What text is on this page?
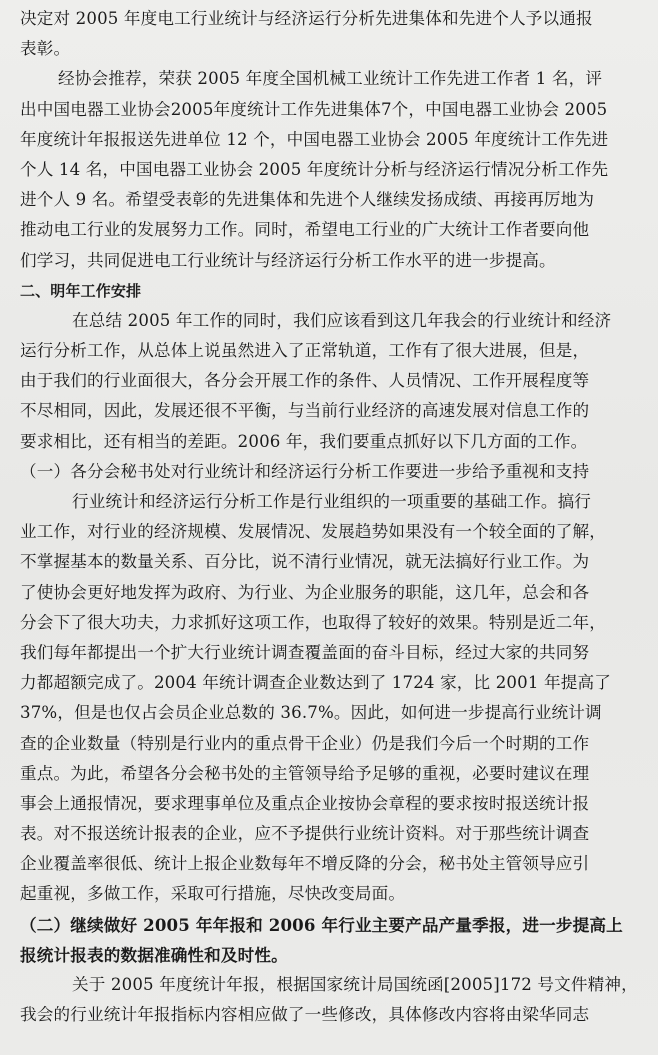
决定对 2005 年度电工行业统计与经济运行分析先进集体和先进个人予以通报
表彰。
经协会推荐，荣获 2005 年度全国机械工业统计工作先进工作者 1 名，评
出中国电器工业协会2005年度统计工作先进集体7个，中国电器工业协会 2005
年度统计年报报送先进单位 12 个，中国电器工业协会 2005 年度统计工作先进
个人 14 名，中国电器工业协会 2005 年度统计分析与经济运行情况分析工作先
进个人 9 名。希望受表彰的先进集体和先进个人继续发扬成绩、再接再厉地为
推动电工行业的发展努力工作。同时，希望电工行业的广大统计工作者要向他
们学习，共同促进电工行业统计与经济运行分析工作水平的进一步提高。
二、明年工作安排
在总结 2005 年工作的同时，我们应该看到这几年我会的行业统计和经济
运行分析工作，从总体上说虽然进入了正常轨道，工作有了很大进展，但是，
由于我们的行业面很大，各分会开展工作的条件、人员情况、工作开展程度等
不尽相同，因此，发展还很不平衡，与当前行业经济的高速发展对信息工作的
要求相比，还有相当的差距。2006 年，我们要重点抓好以下几方面的工作。
（一）各分会秘书处对行业统计和经济运行分析工作要进一步给予重视和支持
行业统计和经济运行分析工作是行业组织的一项重要的基础工作。搞行
业工作，对行业的经济规模、发展情况、发展趋势如果没有一个较全面的了解，
不掌握基本的数量关系、百分比，说不清行业情况，就无法搞好行业工作。为
了使协会更好地发挥为政府、为行业、为企业服务的职能，这几年，总会和各
分会下了很大功夫，力求抓好这项工作，也取得了较好的效果。特别是近二年，
我们每年都提出一个扩大行业统计调查覆盖面的奋斗目标，经过大家的共同努
力都超额完成了。2004 年统计调查企业数达到了 1724 家，比 2001 年提高了
37%，但是也仅占会员企业总数的 36.7%。因此，如何进一步提高行业统计调
查的企业数量（特别是行业内的重点骨干企业）仍是我们今后一个时期的工作
重点。为此，希望各分会秘书处的主管领导给予足够的重视，必要时建议在理
事会上通报情况，要求理事单位及重点企业按协会章程的要求按时报送统计报
表。对不报送统计报表的企业，应不予提供行业统计资料。对于那些统计调查
企业覆盖率很低、统计上报企业数每年不增反降的分会，秘书处主管领导应引
起重视，多做工作，采取可行措施，尽快改变局面。
（二）继续做好 2005 年年报和 2006 年行业主要产品产量季报，进一步提高上
报统计报表的数据准确性和及时性。
关于 2005 年度统计年报，根据国家统计局国统函[2005]172 号文件精神，
我会的行业统计年报指标内容相应做了一些修改，具体修改内容将由梁华同志
